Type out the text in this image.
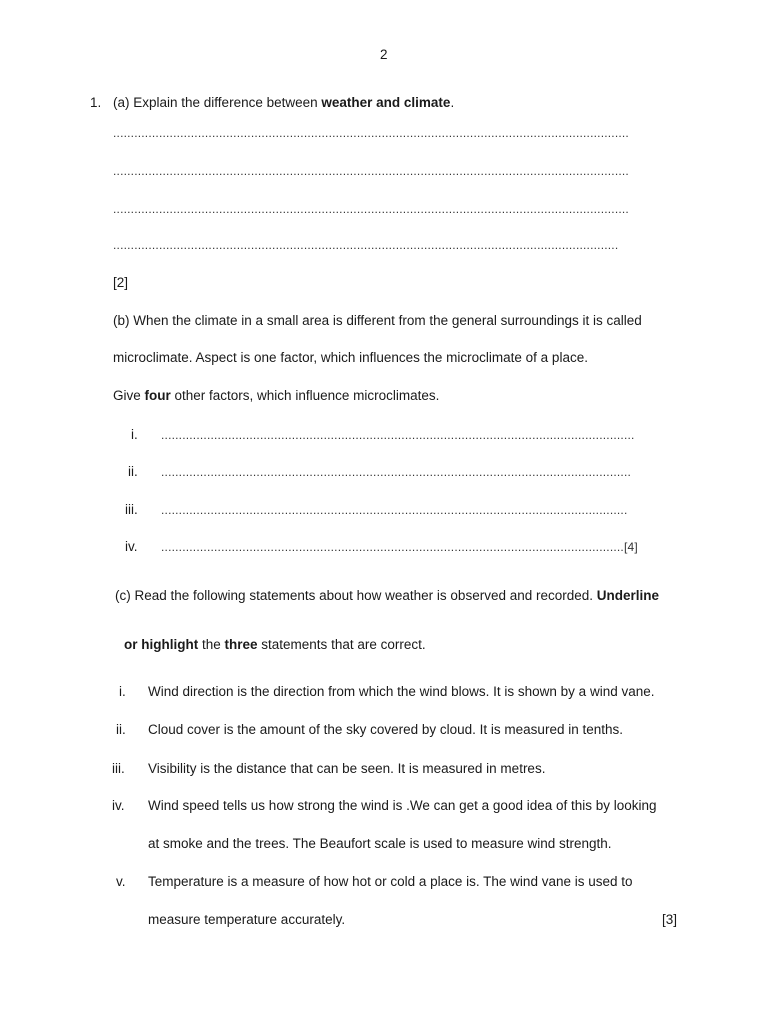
2
1. (a) Explain the difference between weather and climate.
..................................................................................................................................................
..................................................................................................................................................
..................................................................................................................................................
...............................................................................................................................................
[2]
(b) When the climate in a small area is different from the general surroundings it is called
microclimate. Aspect is one factor, which influences the microclimate of a place.
Give four other factors, which influence microclimates.
i. ......................................................................................................................................
ii. .....................................................................................................................................
iii. ....................................................................................................................................
iv. ...................................................................................................................................[4]
(c) Read the following statements about how weather is observed and recorded. Underline
or highlight the three statements that are correct.
i. Wind direction is the direction from which the wind blows. It is shown by a wind vane.
ii. Cloud cover is the amount of the sky covered by cloud. It is measured in tenths.
iii. Visibility is the distance that can be seen. It is measured in metres.
iv. Wind speed tells us how strong the wind is .We can get a good idea of this by looking
at smoke and the trees. The Beaufort scale is used to measure wind strength.
v. Temperature is a measure of how hot or cold a place is. The wind vane is used to
measure temperature accurately.	[3]
